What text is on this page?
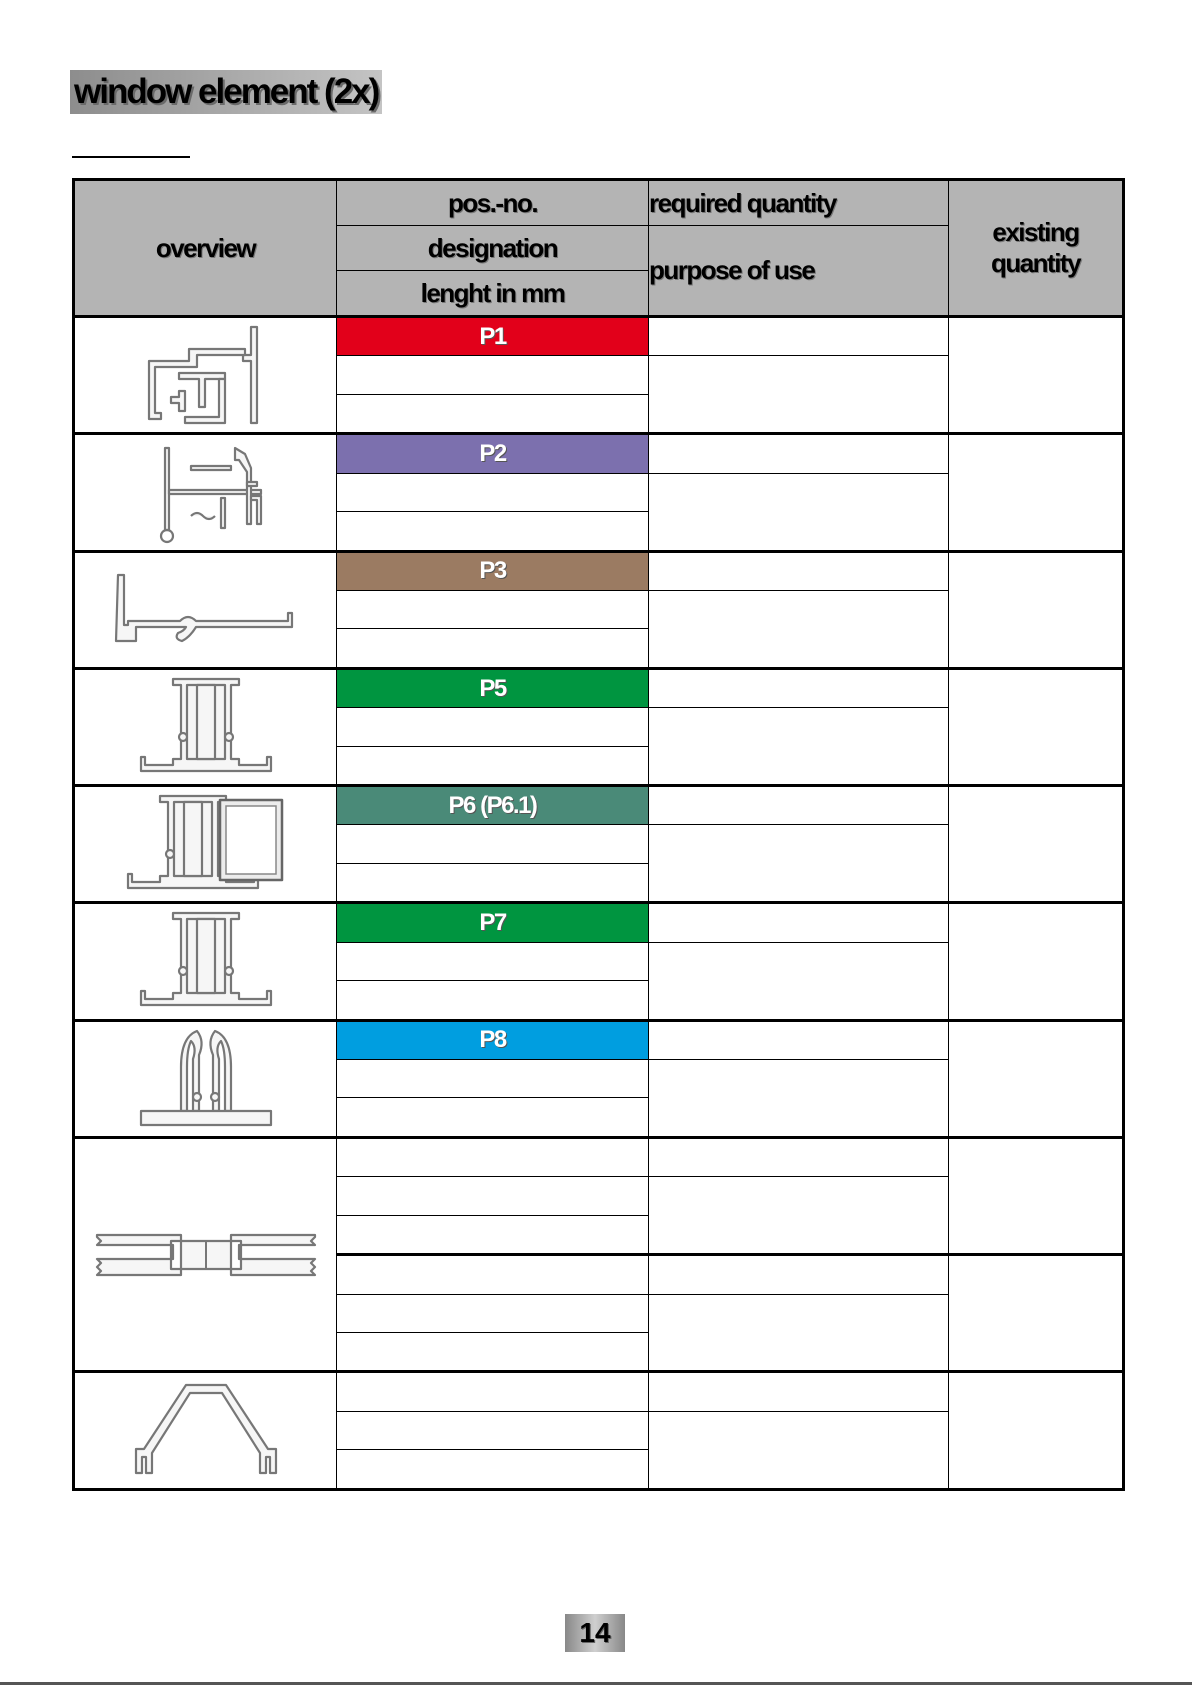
window element (2x)
overview	pos.-no.	required quantity	existing quantity
	designation	purpose of use	
	lenght in mm		

	P1		

	P2		

	P3		

	P5		

	P6 (P6.1)		

	P7		

	P8		

14
